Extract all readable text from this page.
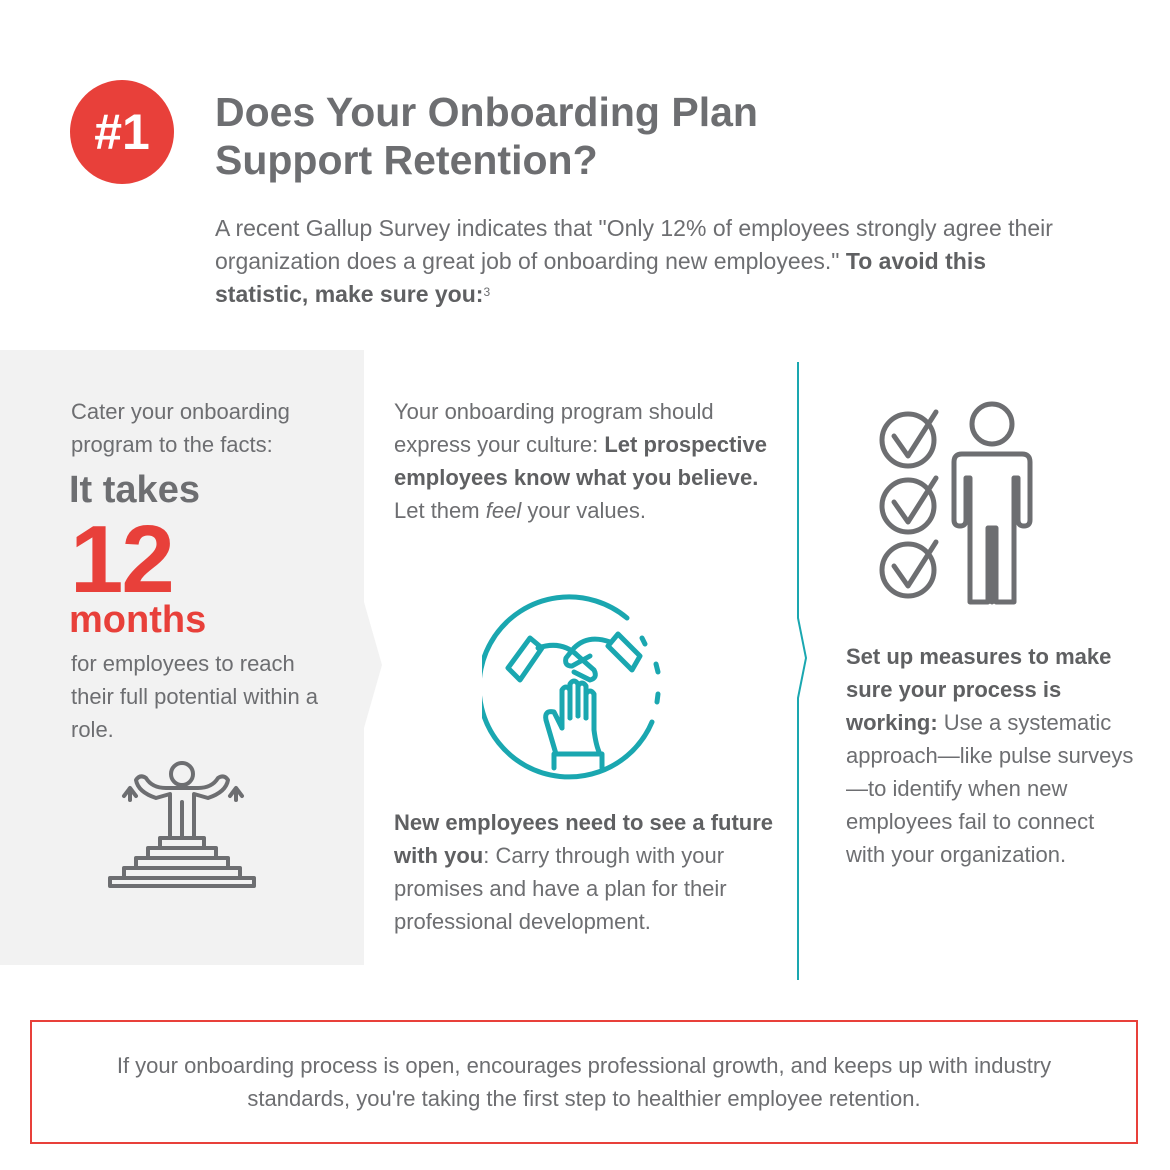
#1 Does Your Onboarding Plan
Support Retention?

A recent Gallup Survey indicates that "Only 12% of employees strongly agree their organization does a great job of onboarding new employees." To avoid this statistic, make sure you:$^3$

Cater your onboarding program to the facts:

It takes

12

months

for employees to reach their full potential within a role.

Your onboarding program should express your culture: Let prospective employees know what you believe. Let them feel your values.

New employees need to see a future with you: Carry through with your promises and have a plan for their professional development.

Set up measures to make sure your process is working: Use a systematic approach—like pulse surveys—to identify when new employees fail to connect with your organization.

If your onboarding process is open, encourages professional growth, and keeps up with industry standards, you're taking the first step to healthier employee retention.
